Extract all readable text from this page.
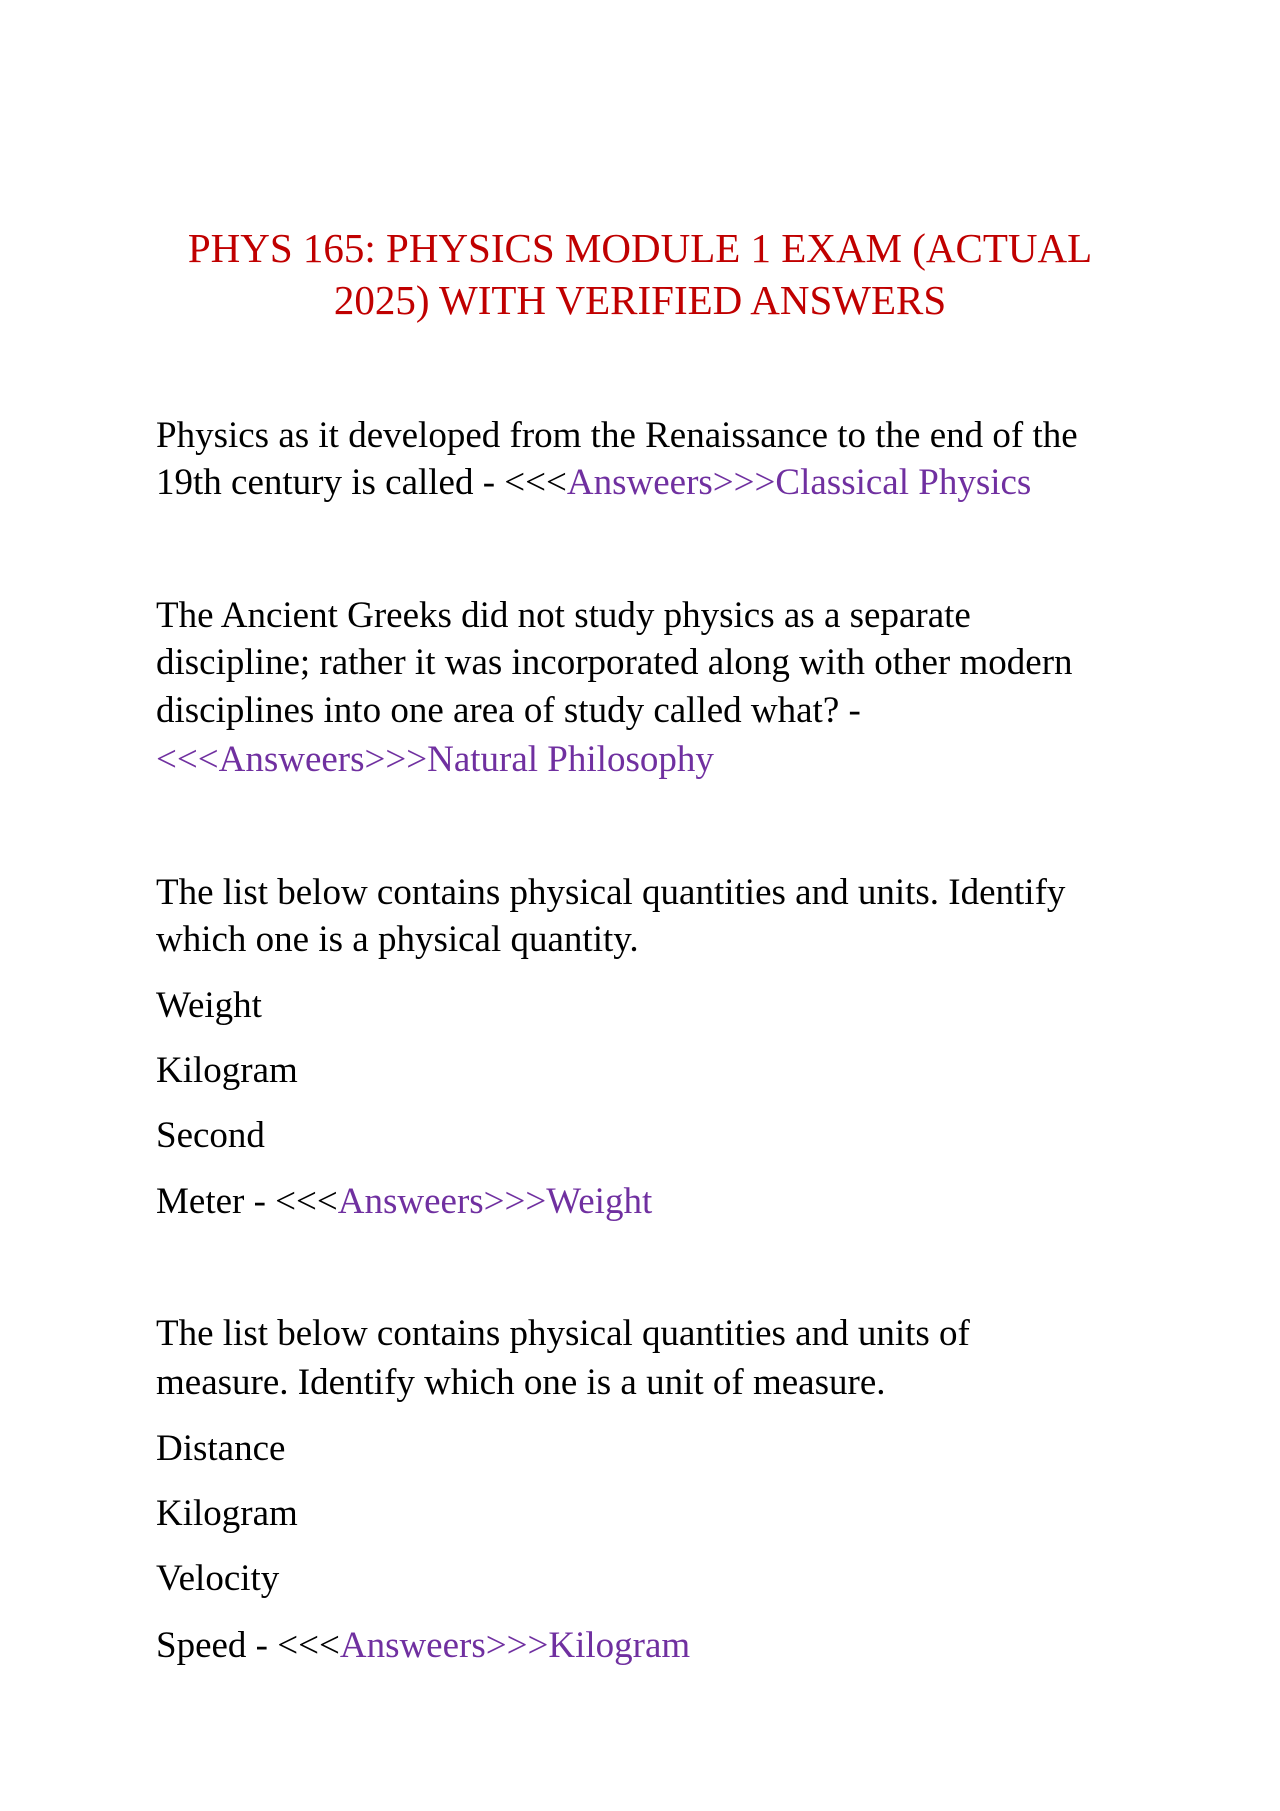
PHYS 165: PHYSICS MODULE 1 EXAM (ACTUAL
2025) WITH VERIFIED ANSWERS
Physics as it developed from the Renaissance to the end of the
19th century is called - <<<Answeers>>>Classical Physics
The Ancient Greeks did not study physics as a separate
discipline; rather it was incorporated along with other modern
disciplines into one area of study called what? -
<<<Answeers>>>Natural Philosophy
The list below contains physical quantities and units. Identify
which one is a physical quantity.
Weight
Kilogram
Second
Meter - <<<Answeers>>>Weight
The list below contains physical quantities and units of
measure. Identify which one is a unit of measure.
Distance
Kilogram
Velocity
Speed - <<<Answeers>>>Kilogram
